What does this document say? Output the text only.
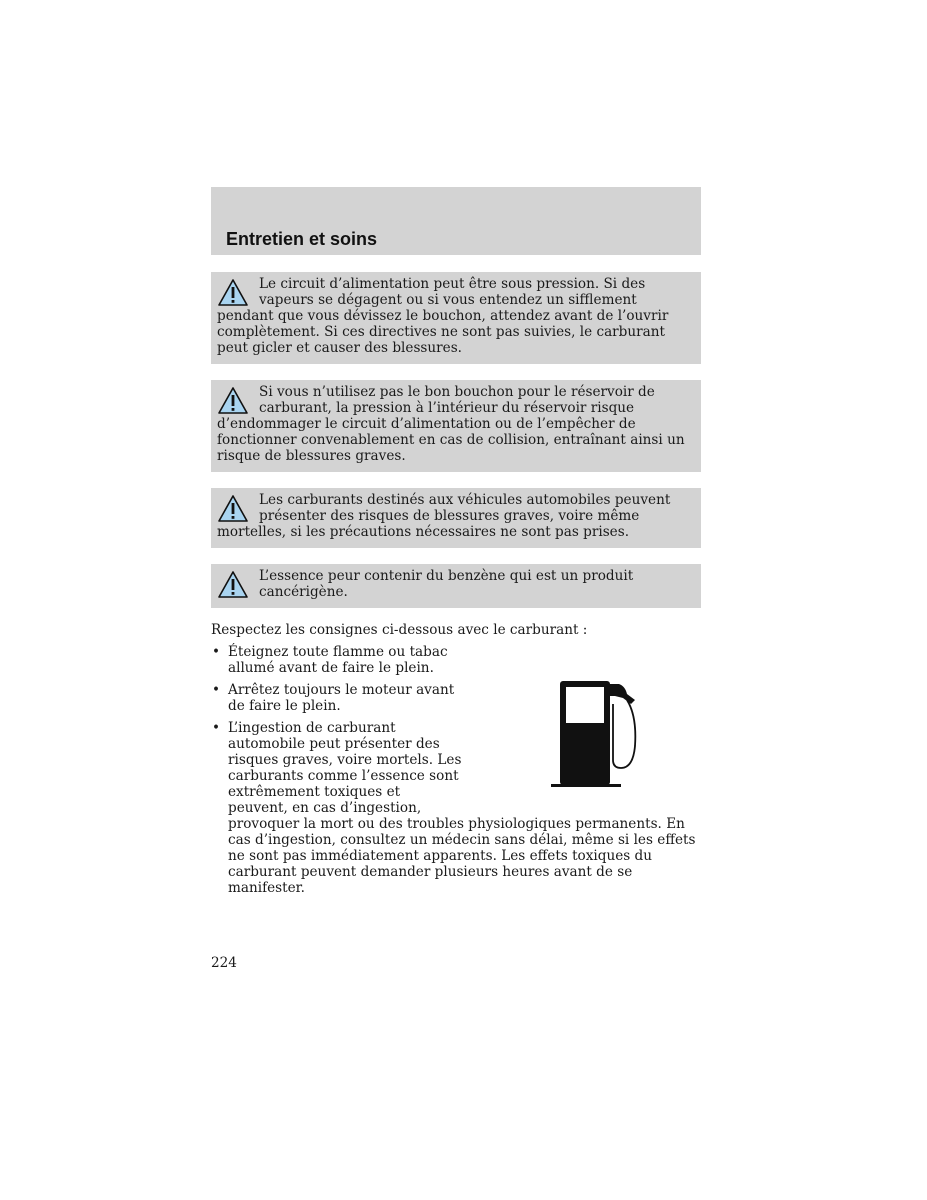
Entretien et soins

Le circuit d’alimentation peut être sous pression. Si des vapeurs se dégagent ou si vous entendez un sifflement pendant que vous dévissez le bouchon, attendez avant de l’ouvrir complètement. Si ces directives ne sont pas suivies, le carburant peut gicler et causer des blessures.

Si vous n’utilisez pas le bon bouchon pour le réservoir de carburant, la pression à l’intérieur du réservoir risque d’endommager le circuit d’alimentation ou de l’empêcher de fonctionner convenablement en cas de collision, entraînant ainsi un risque de blessures graves.

Les carburants destinés aux véhicules automobiles peuvent présenter des risques de blessures graves, voire même mortelles, si les précautions nécessaires ne sont pas prises.

L’essence peur contenir du benzène qui est un produit cancérigène.

Respectez les consignes ci-dessous avec le carburant :

• Éteignez toute flamme ou tabac allumé avant de faire le plein.
• Arrêtez toujours le moteur avant de faire le plein.
• L’ingestion de carburant automobile peut présenter des risques graves, voire mortels. Les carburants comme l’essence sont extrêmement toxiques et peuvent, en cas d’ingestion,
provoquer la mort ou des troubles physiologiques permanents. En cas d’ingestion, consultez un médecin sans délai, même si les effets ne sont pas immédiatement apparents. Les effets toxiques du carburant peuvent demander plusieurs heures avant de se manifester.

224
